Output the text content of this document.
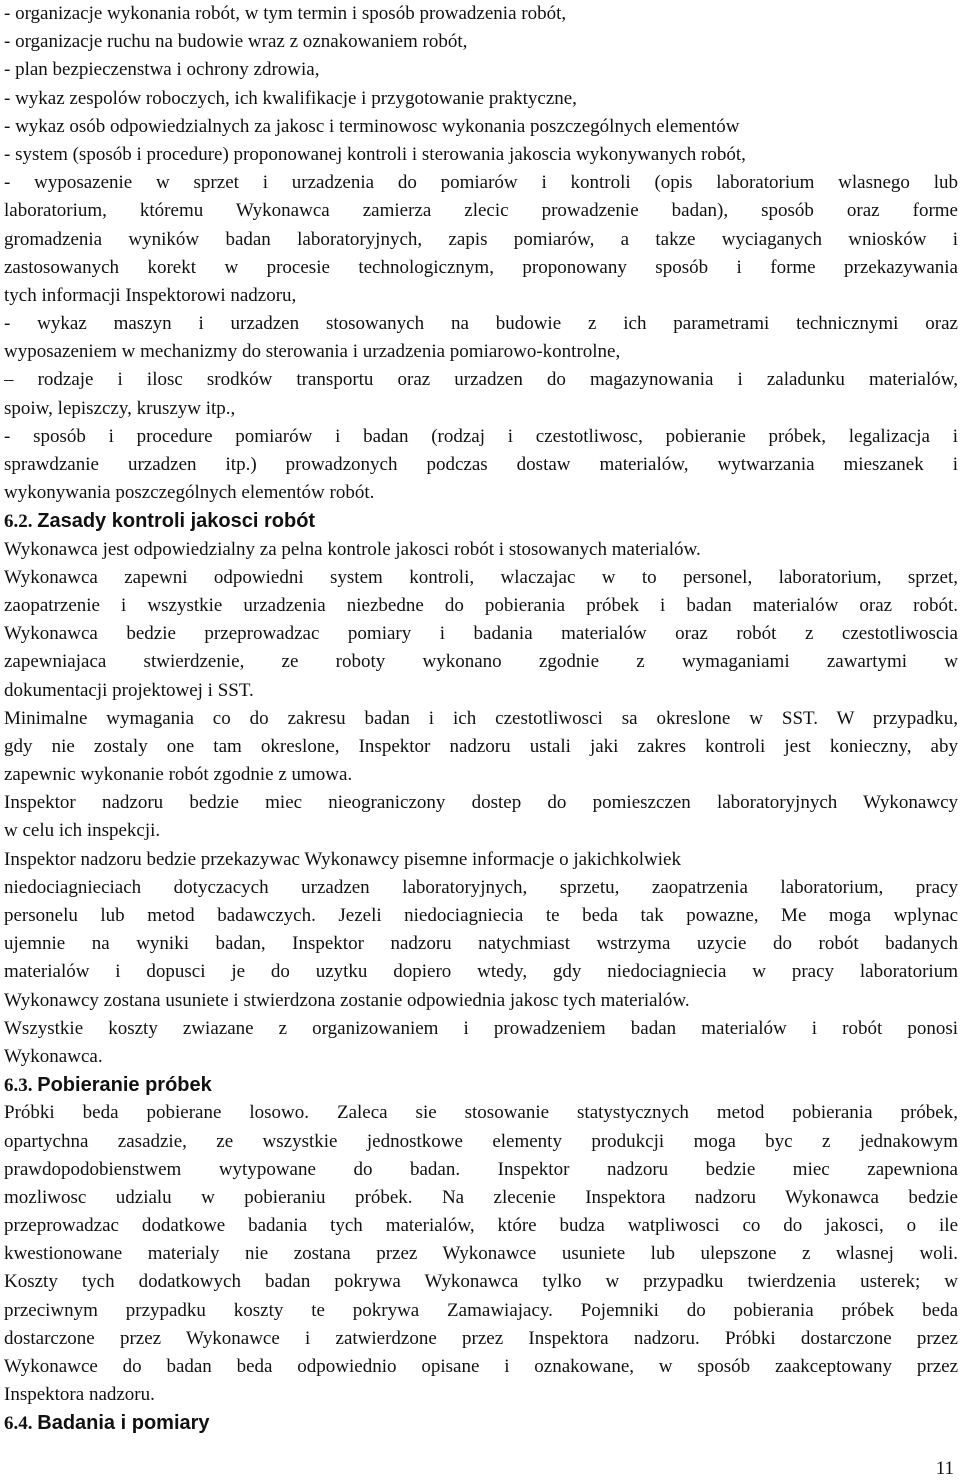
- organizacje wykonania robót, w tym termin i sposób prowadzenia robót,
- organizacje ruchu na budowie wraz z oznakowaniem robót,
- plan bezpieczenstwa i ochrony zdrowia,
- wykaz zespolów roboczych, ich kwalifikacje i przygotowanie praktyczne,
- wykaz osób odpowiedzialnych za jakosc i terminowosc wykonania poszczególnych elementów
- system (sposób i procedure) proponowanej kontroli i sterowania jakoscia wykonywanych robót,
- wyposazenie w sprzet i urzadzenia do pomiarów i kontroli (opis laboratorium wlasnego lub
laboratorium, któremu Wykonawca zamierza zlecic prowadzenie badan), sposób oraz forme
gromadzenia wyników badan laboratoryjnych, zapis pomiarów, a takze wyciaganych wniosków i
zastosowanych korekt w procesie technologicznym, proponowany sposób i forme przekazywania
tych informacji Inspektorowi nadzoru,
- wykaz maszyn i urzadzen stosowanych na budowie z ich parametrami technicznymi oraz
wyposazeniem w mechanizmy do sterowania i urzadzenia pomiarowo-kontrolne,
– rodzaje i ilosc srodków transportu oraz urzadzen do magazynowania i zaladunku materialów,
spoiw, lepiszczy, kruszyw itp.,
- sposób i procedure pomiarów i badan (rodzaj i czestotliwosc, pobieranie próbek, legalizacja i
sprawdzanie urzadzen itp.) prowadzonych podczas dostaw materialów, wytwarzania mieszanek i
wykonywania poszczególnych elementów robót.
6.2. Zasady kontroli jakosci robót
Wykonawca jest odpowiedzialny za pelna kontrole jakosci robót i stosowanych materialów.
Wykonawca zapewni odpowiedni system kontroli, wlaczajac w to personel, laboratorium, sprzet,
zaopatrzenie i wszystkie urzadzenia niezbedne do pobierania próbek i badan materialów oraz robót.
Wykonawca bedzie przeprowadzac pomiary i badania materialów oraz robót z czestotliwoscia
zapewniajaca stwierdzenie, ze roboty wykonano zgodnie z wymaganiami zawartymi w
dokumentacji projektowej i SST.
Minimalne wymagania co do zakresu badan i ich czestotliwosci sa okreslone w SST. W przypadku,
gdy nie zostaly one tam okreslone, Inspektor nadzoru ustali jaki zakres kontroli jest konieczny, aby
zapewnic wykonanie robót zgodnie z umowa.
Inspektor nadzoru bedzie miec nieograniczony dostep do pomieszczen laboratoryjnych Wykonawcy
w celu ich inspekcji.
Inspektor nadzoru bedzie przekazywac Wykonawcy pisemne informacje o jakichkolwiek
niedociagnieciach dotyczacych urzadzen laboratoryjnych, sprzetu, zaopatrzenia laboratorium, pracy
personelu lub metod badawczych. Jezeli niedociagniecia te beda tak powazne, Me moga wplynac
ujemnie na wyniki badan, Inspektor nadzoru natychmiast wstrzyma uzycie do robót badanych
materialów i dopusci je do uzytku dopiero wtedy, gdy niedociagniecia w pracy laboratorium
Wykonawcy zostana usuniete i stwierdzona zostanie odpowiednia jakosc tych materialów.
Wszystkie koszty zwiazane z organizowaniem i prowadzeniem badan materialów i robót ponosi
Wykonawca.
6.3. Pobieranie próbek
Próbki beda pobierane losowo. Zaleca sie stosowanie statystycznych metod pobierania próbek,
opartychna zasadzie, ze wszystkie jednostkowe elementy produkcji moga byc z jednakowym
prawdopodobienstwem wytypowane do badan. Inspektor nadzoru bedzie miec zapewniona
mozliwosc udzialu w pobieraniu próbek. Na zlecenie Inspektora nadzoru Wykonawca bedzie
przeprowadzac dodatkowe badania tych materialów, które budza watpliwosci co do jakosci, o ile
kwestionowane materialy nie zostana przez Wykonawce usuniete lub ulepszone z wlasnej woli.
Koszty tych dodatkowych badan pokrywa Wykonawca tylko w przypadku twierdzenia usterek; w
przeciwnym przypadku koszty te pokrywa Zamawiajacy. Pojemniki do pobierania próbek beda
dostarczone przez Wykonawce i zatwierdzone przez Inspektora nadzoru. Próbki dostarczone przez
Wykonawce do badan beda odpowiednio opisane i oznakowane, w sposób zaakceptowany przez
Inspektora nadzoru.
6.4. Badania i pomiary
11
